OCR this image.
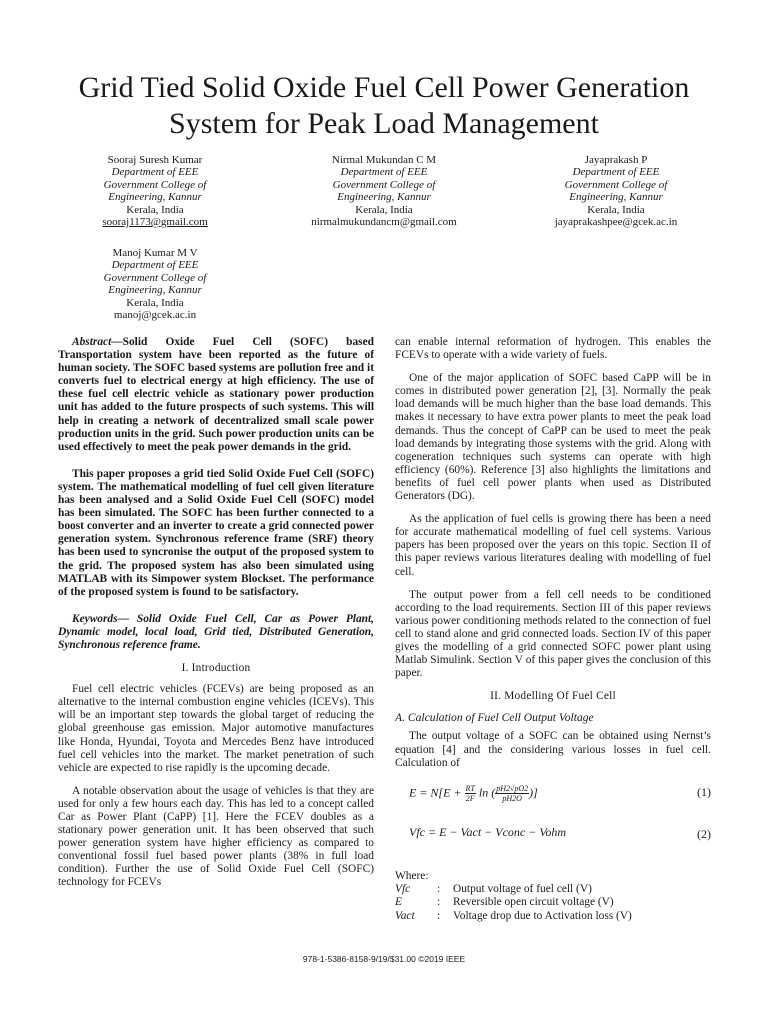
Grid Tied Solid Oxide Fuel Cell Power Generation
System for Peak Load Management
Sooraj Suresh Kumar
Department of EEE
Government College of
Engineering, Kannur
Kerala, India
sooraj1173@gmail.com
Nirmal Mukundan C M
Department of EEE
Government College of
Engineering, Kannur
Kerala, India
nirmalmukundancm@gmail.com
Jayaprakash P
Department of EEE
Government College of
Engineering, Kannur
Kerala, India
jayaprakashpee@gcek.ac.in
Manoj Kumar M V
Department of EEE
Government College of
Engineering, Kannur
Kerala, India
manoj@gcek.ac.in

Abstract—Solid Oxide Fuel Cell (SOFC) based Transportation system have been reported as the future of human society. The SOFC based systems are pollution free and it converts fuel to electrical energy at high efficiency. The use of these fuel cell electric vehicle as stationary power production unit has added to the future prospects of such systems. This will help in creating a network of decentralized small scale power production units in the grid. Such power production units can be used effectively to meet the peak power demands in the grid.

This paper proposes a grid tied Solid Oxide Fuel Cell (SOFC) system. The mathematical modelling of fuel cell given literature has been analysed and a Solid Oxide Fuel Cell (SOFC) model has been simulated. The SOFC has been further connected to a boost converter and an inverter to create a grid connected power generation system. Synchronous reference frame (SRF) theory has been used to syncronise the output of the proposed system to the grid. The proposed system has also been simulated using MATLAB with its Simpower system Blockset. The performance of the proposed system is found to be satisfactory.

Keywords— Solid Oxide Fuel Cell, Car as Power Plant, Dynamic model, local load, Grid tied, Distributed Generation, Synchronous reference frame.

I. Introduction

Fuel cell electric vehicles (FCEVs) are being proposed as an alternative to the internal combustion engine vehicles (ICEVs). This will be an important step towards the global target of reducing the global greenhouse gas emission. Major automotive manufactures like Honda, Hyundai, Toyota and Mercedes Benz have introduced fuel cell vehicles into the market. The market penetration of such vehicle are expected to rise rapidly is the upcoming decade.

A notable observation about the usage of vehicles is that they are used for only a few hours each day. This has led to a concept called Car as Power Plant (CaPP) [1]. Here the FCEV doubles as a stationary power generation unit. It has been observed that such power generation system have higher efficiency as compared to conventional fossil fuel based power plants (38% in full load condition). Further the use of Solid Oxide Fuel Cell (SOFC) technology for FCEVs

can enable internal reformation of hydrogen. This enables the FCEVs to operate with a wide variety of fuels.

One of the major application of SOFC based CaPP will be in comes in distributed power generation [2], [3]. Normally the peak load demands will be much higher than the base load demands. This makes it necessary to have extra power plants to meet the peak load demands. Thus the concept of CaPP can be used to meet the peak load demands by integrating those systems with the grid. Along with cogeneration techniques such systems can operate with high efficiency (60%). Reference [3] also highlights the limitations and benefits of fuel cell power plants when used as Distributed Generators (DG).

As the application of fuel cells is growing there has been a need for accurate mathematical modelling of fuel cell systems. Various papers has been proposed over the years on this topic. Section II of this paper reviews various literatures dealing with modelling of fuel cell.

The output power from a fell cell needs to be conditioned according to the load requirements. Section III of this paper reviews various power conditioning methods related to the connection of fuel cell to stand alone and grid connected loads. Section IV of this paper gives the modelling of a grid connected SOFC power plant using Matlab Simulink. Section V of this paper gives the conclusion of this paper.

II. Modelling Of Fuel Cell
A. Calculation of Fuel Cell Output Voltage

The output voltage of a SOFC can be obtained using Nernst’s equation [4] and the considering various losses in fuel cell. Calculation of

$E = N[E + \frac{RT}{2F}$ ln ( $\frac{pH2√pO2}{pH2O}$ )]	(1)
Vfc = E − Vact − Vconc − Vohm	(2)
Where:
Vfc	:	Output voltage of fuel cell (V)
E	:	Reversible open circuit voltage (V)
Vact	:	Voltage drop due to Activation loss (V)
978-1-5386-8158-9/19/$31.00 ©2019 IEEE
